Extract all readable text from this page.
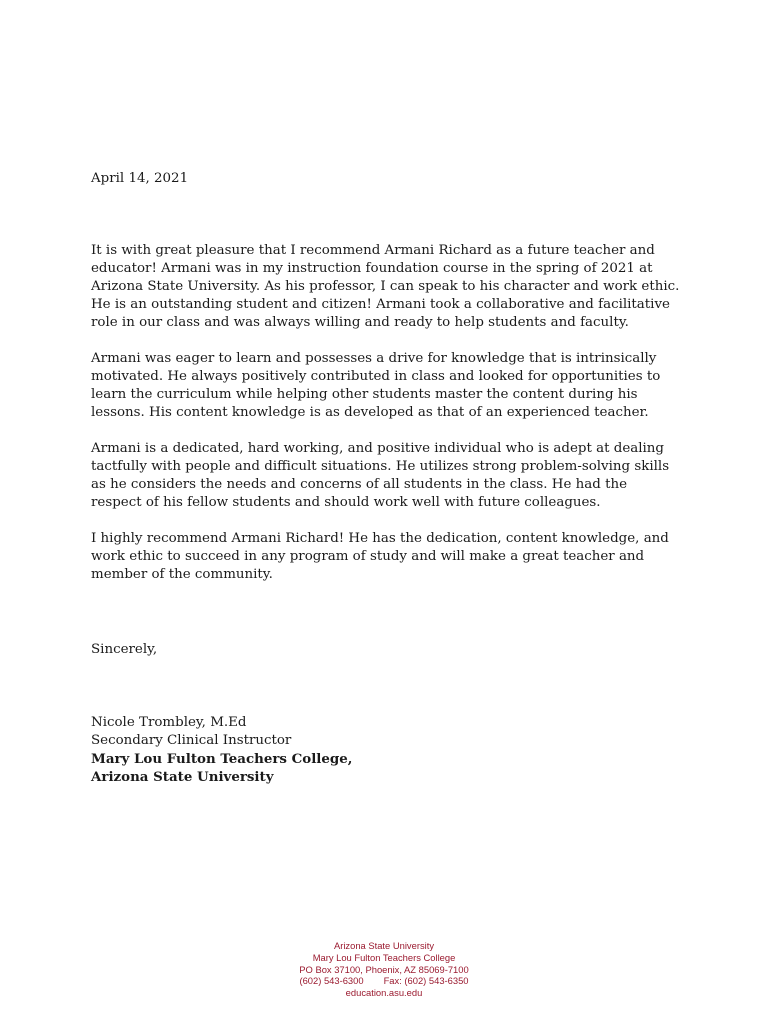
April 14, 2021

It is with great pleasure that I recommend Armani Richard as a future teacher and educator! Armani was in my instruction foundation course in the spring of 2021 at Arizona State University. As his professor, I can speak to his character and work ethic. He is an outstanding student and citizen! Armani took a collaborative and facilitative role in our class and was always willing and ready to help students and faculty.

Armani was eager to learn and possesses a drive for knowledge that is intrinsically motivated. He always positively contributed in class and looked for opportunities to learn the curriculum while helping other students master the content during his lessons. His content knowledge is as developed as that of an experienced teacher.

Armani is a dedicated, hard working, and positive individual who is adept at dealing tactfully with people and difficult situations. He utilizes strong problem-solving skills as he considers the needs and concerns of all students in the class. He had the respect of his fellow students and should work well with future colleagues.

I highly recommend Armani Richard! He has the dedication, content knowledge, and work ethic to succeed in any program of study and will make a great teacher and member of the community.

Sincerely,
Nicole Trombley, M.Ed
Secondary Clinical Instructor
Mary Lou Fulton Teachers College,
Arizona State University
Arizona State University
Mary Lou Fulton Teachers College
PO Box 37100, Phoenix, AZ 85069-7100
(602) 543-6300 Fax: (602) 543-6350
education.asu.edu
